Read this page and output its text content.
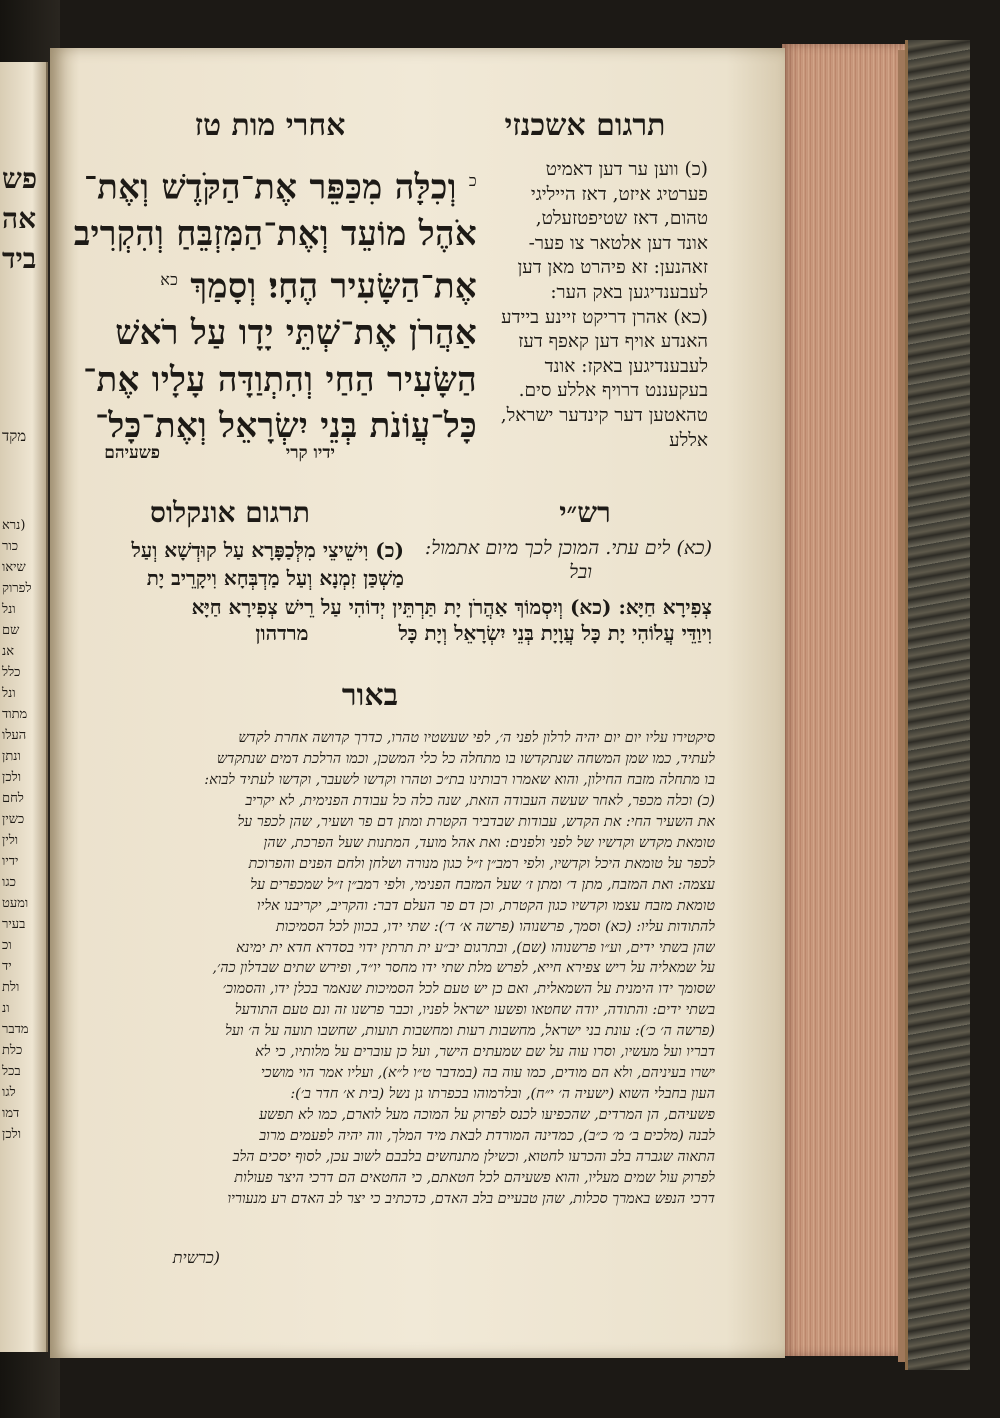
פש
אה
ביד
מקד
(נרא
כור
שיאו
לפרוק
ונל
שם
אנ
כלל
ונל
מתוד
העלו
ונתן
ולכן
לחם
כשין
ולין
ידיו
כגו
ומעט
בעיר
וכ
יד
ולת
ונ
מדבר
כלת
בכל
לגו
דמו
ולכן
אחרי מות טז	תרגום אשכנזי
$^כ$ וְכִלָּה מִכַּפֵּר אֶת־הַקֹּדֶשׁ וְאֶת־
אֹהֶל מוֹעֵד וְאֶת־הַמִּזְבֵּחַ וְהִקְרִיב
אֶת־הַשָּׂעִיר הֶחָי׃ וְסָמַךְ $^{כא}$
אַהֲרֹן אֶת־שְׁתֵּי יָדָו עַל רֹאשׁ
הַשָּׂעִיר הַחַי וְהִתְוַדָּה עָלָיו אֶת־
כָּל־עֲוֹנֹת בְּנֵי יִשְׂרָאֵל וְאֶת־כָּל־
ידיו קרי
פשעיהם
(כ) ווען ער דען דאמיט
פערטיג איזט, דאז הייליגי
טהום, דאז שטיפטזעלט,
אונד דען אלטאר צו פער-
זאהנען: זא פיהרט מאן דען
לעבענדיגען באק הער:
(כא) אהרן דריקט זיינע ביידע
האנדע אויף דען קאפף דעז
לעבענדיגען באקז: אונד
בעקעננט דרויף אללע סים.
טהאטען דער קינדער ישראל,
אללע
רש״י
תרגום אונקלוס
(כא) לים עתי. המוכן לכך מיום אתמול:
ובל
(כ) וִישֵׁיצֵי מִלְּכַפָּרָא עַל קוּדְשָׁא וְעַל
מַשְׁכַּן זִמְנָא וְעַל מַדְבְּחָא וִיקָרֵיב יָת
צְפִירָא חַיָּא: (כא) וְיִסְמוֹךְ אַהֲרֹן יָת תַּרְתֵּין יְדוֹהִי עַל רֵישׁ צְפִירָא חַיָּא
וִיוַדֵּי עֲלוֹהִי יָת כָּל עֲוָיָת בְּנֵי יִשְׂרָאֵל וְיָת כָּלמרדהון
באור
סיקטירו עליו יום יום יהיה לרלון לפני ה׳, לפי שעשטיו טהרו, כדרך קדושה אחרת לקדש
לעתיד, כמו שמן המשחה שנתקדשו בו מתחלה כל כלי המשכן, וכמו הרלכת דמים שנתקדש
בו מתחלה מזבח החילון, והוא שאמרו רבותינו בת״כ וטהרו וקדשו לשעבר, וקדשו לעתיד לבוא:
(כ) וכלה מכפר, לאחר שעשה העבודה הזאת, שנה כלה כל עבודת הפנימית, לא יקריב
את השעיר החי: את הקדש, עבודות שבדביר הקטרת ומתן דם פר ושעיר, שהן לכפר על
טומאת מקדש וקדשיו של לפני ולפנים: ואת אהל מועד, המתנות שעל הפרכת, שהן
לכפר על טומאת היכל וקדשיו, ולפי רמב״ן ז״ל כגון מנורה ושלחן ולחם הפנים והפרוכת
עצמה: ואת המזבח, מתן ד׳ ומתן ז׳ שעל המזבח הפנימי, ולפי רמב״ן ז״ל שמכפרים על
טומאת מזבח עצמו וקדשיו כגון הקטרת, וכן דם פר העלם דבר: והקריב, יקריבנו אליו
להתודות עליו: (כא) וסמך, פרשנוהו (פרשה א׳ ד׳): שתי ידו, בכוון לכל הסמיכות
שהן בשתי ידים, וע״ו פרשנוהו (שם), ובתרגום יב״ע ית תרתין ידוי בסדרא חדא ית ימינא
על שמאליה על ריש צפירא חייא, לפרש מלת שתי ידו מחסר יו״ד, ופירש שתים שבדלון כה׳,
שסומך ידו הימנית על השמאלית, ואם כן יש טעם לכל הסמיכות שנאמר בכלן ידו, והסמוכ׳
בשתי ידים: והתודה, יודה שחטאו ופשעו ישראל לפניו, וכבר פרשנו זה ונם טעם התודעל
(פרשה ה׳ כ׳): עונת בני ישראל, מחשבות רעות ומחשבות תועות, שחשבו תועה על ה׳ ועל
דבריו ועל מעשיו, וסרו עוה על שם שמעתים הישר, ועל כן עוברים על מלותיו, כי לא
ישרו בעיניהם, ולא הם מודים, כמו עוה בה (במדבר ט״ו ל״א), ועליו אמר הוי מושכי
העון בחבלי השוא (ישעיה ה׳ י״ח), ובלרמוהו בכפרתו גן נשל (בית א׳ חדר ב׳):
פשעיהם, הן המרדים, שהכפיעו לכנס לפרוק על המוכה מעל לוארם, כמו לא תפשע
לבנה (מלכים ב׳ מ׳ כ״ב), כמדינה המורדת לבאת מיד המלך, ווה יהיה לפעמים מרוב
התאוה שגברה בלב והכרעו לחטוא, וכשילן מתנחשים בלבבם לשוב עכן, לסוף יסכים הלב
לפרוק עול שמים מעליו, והוא פשעיהם לכל חטאתם, כי החטאים הם דרכי היצר פעולות
דרכי הנפש באמרך סכלות, שהן טבעיים בלב האדם, כדכתיב כי יצר לב האדם רע מנעוריו
(כרשית
